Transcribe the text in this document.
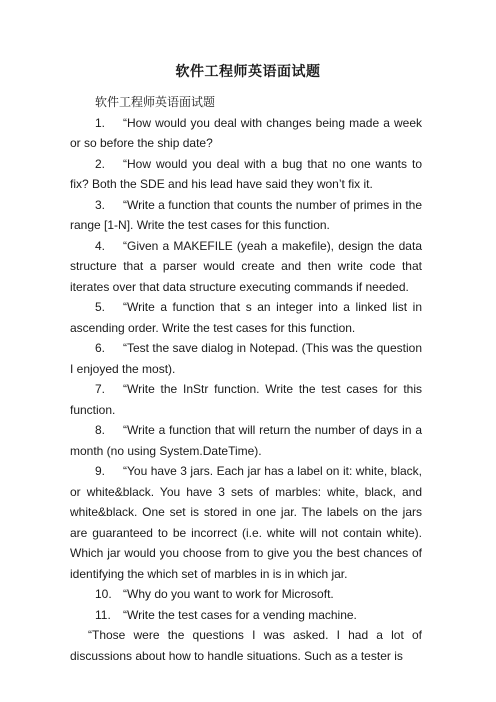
软件工程师英语面试题

软件工程师英语面试题

1. “How would you deal with changes being made a week or so before the ship date?

2. “How would you deal with a bug that no one wants to fix? Both the SDE and his lead have said they won’t fix it.

3. “Write a function that counts the number of primes in the range [1-N]. Write the test cases for this function.

4. “Given a MAKEFILE (yeah a makefile), design the data structure that a parser would create and then write code that iterates over that data structure executing commands if needed.

5. “Write a function that s an integer into a linked list in ascending order. Write the test cases for this function.

6. “Test the save dialog in Notepad. (This was the question I enjoyed the most).

7. “Write the InStr function. Write the test cases for this function.

8. “Write a function that will return the number of days in a month (no using System.DateTime).

9. “You have 3 jars. Each jar has a label on it: white, black, or white&black. You have 3 sets of marbles: white, black, and white&black. One set is stored in one jar. The labels on the jars are guaranteed to be incorrect (i.e. white will not contain white). Which jar would you choose from to give you the best chances of identifying the which set of marbles in is in which jar.

10. “Why do you want to work for Microsoft.

11. “Write the test cases for a vending machine.

“Those were the questions I was asked. I had a lot of discussions about how to handle situations. Such as a tester is
